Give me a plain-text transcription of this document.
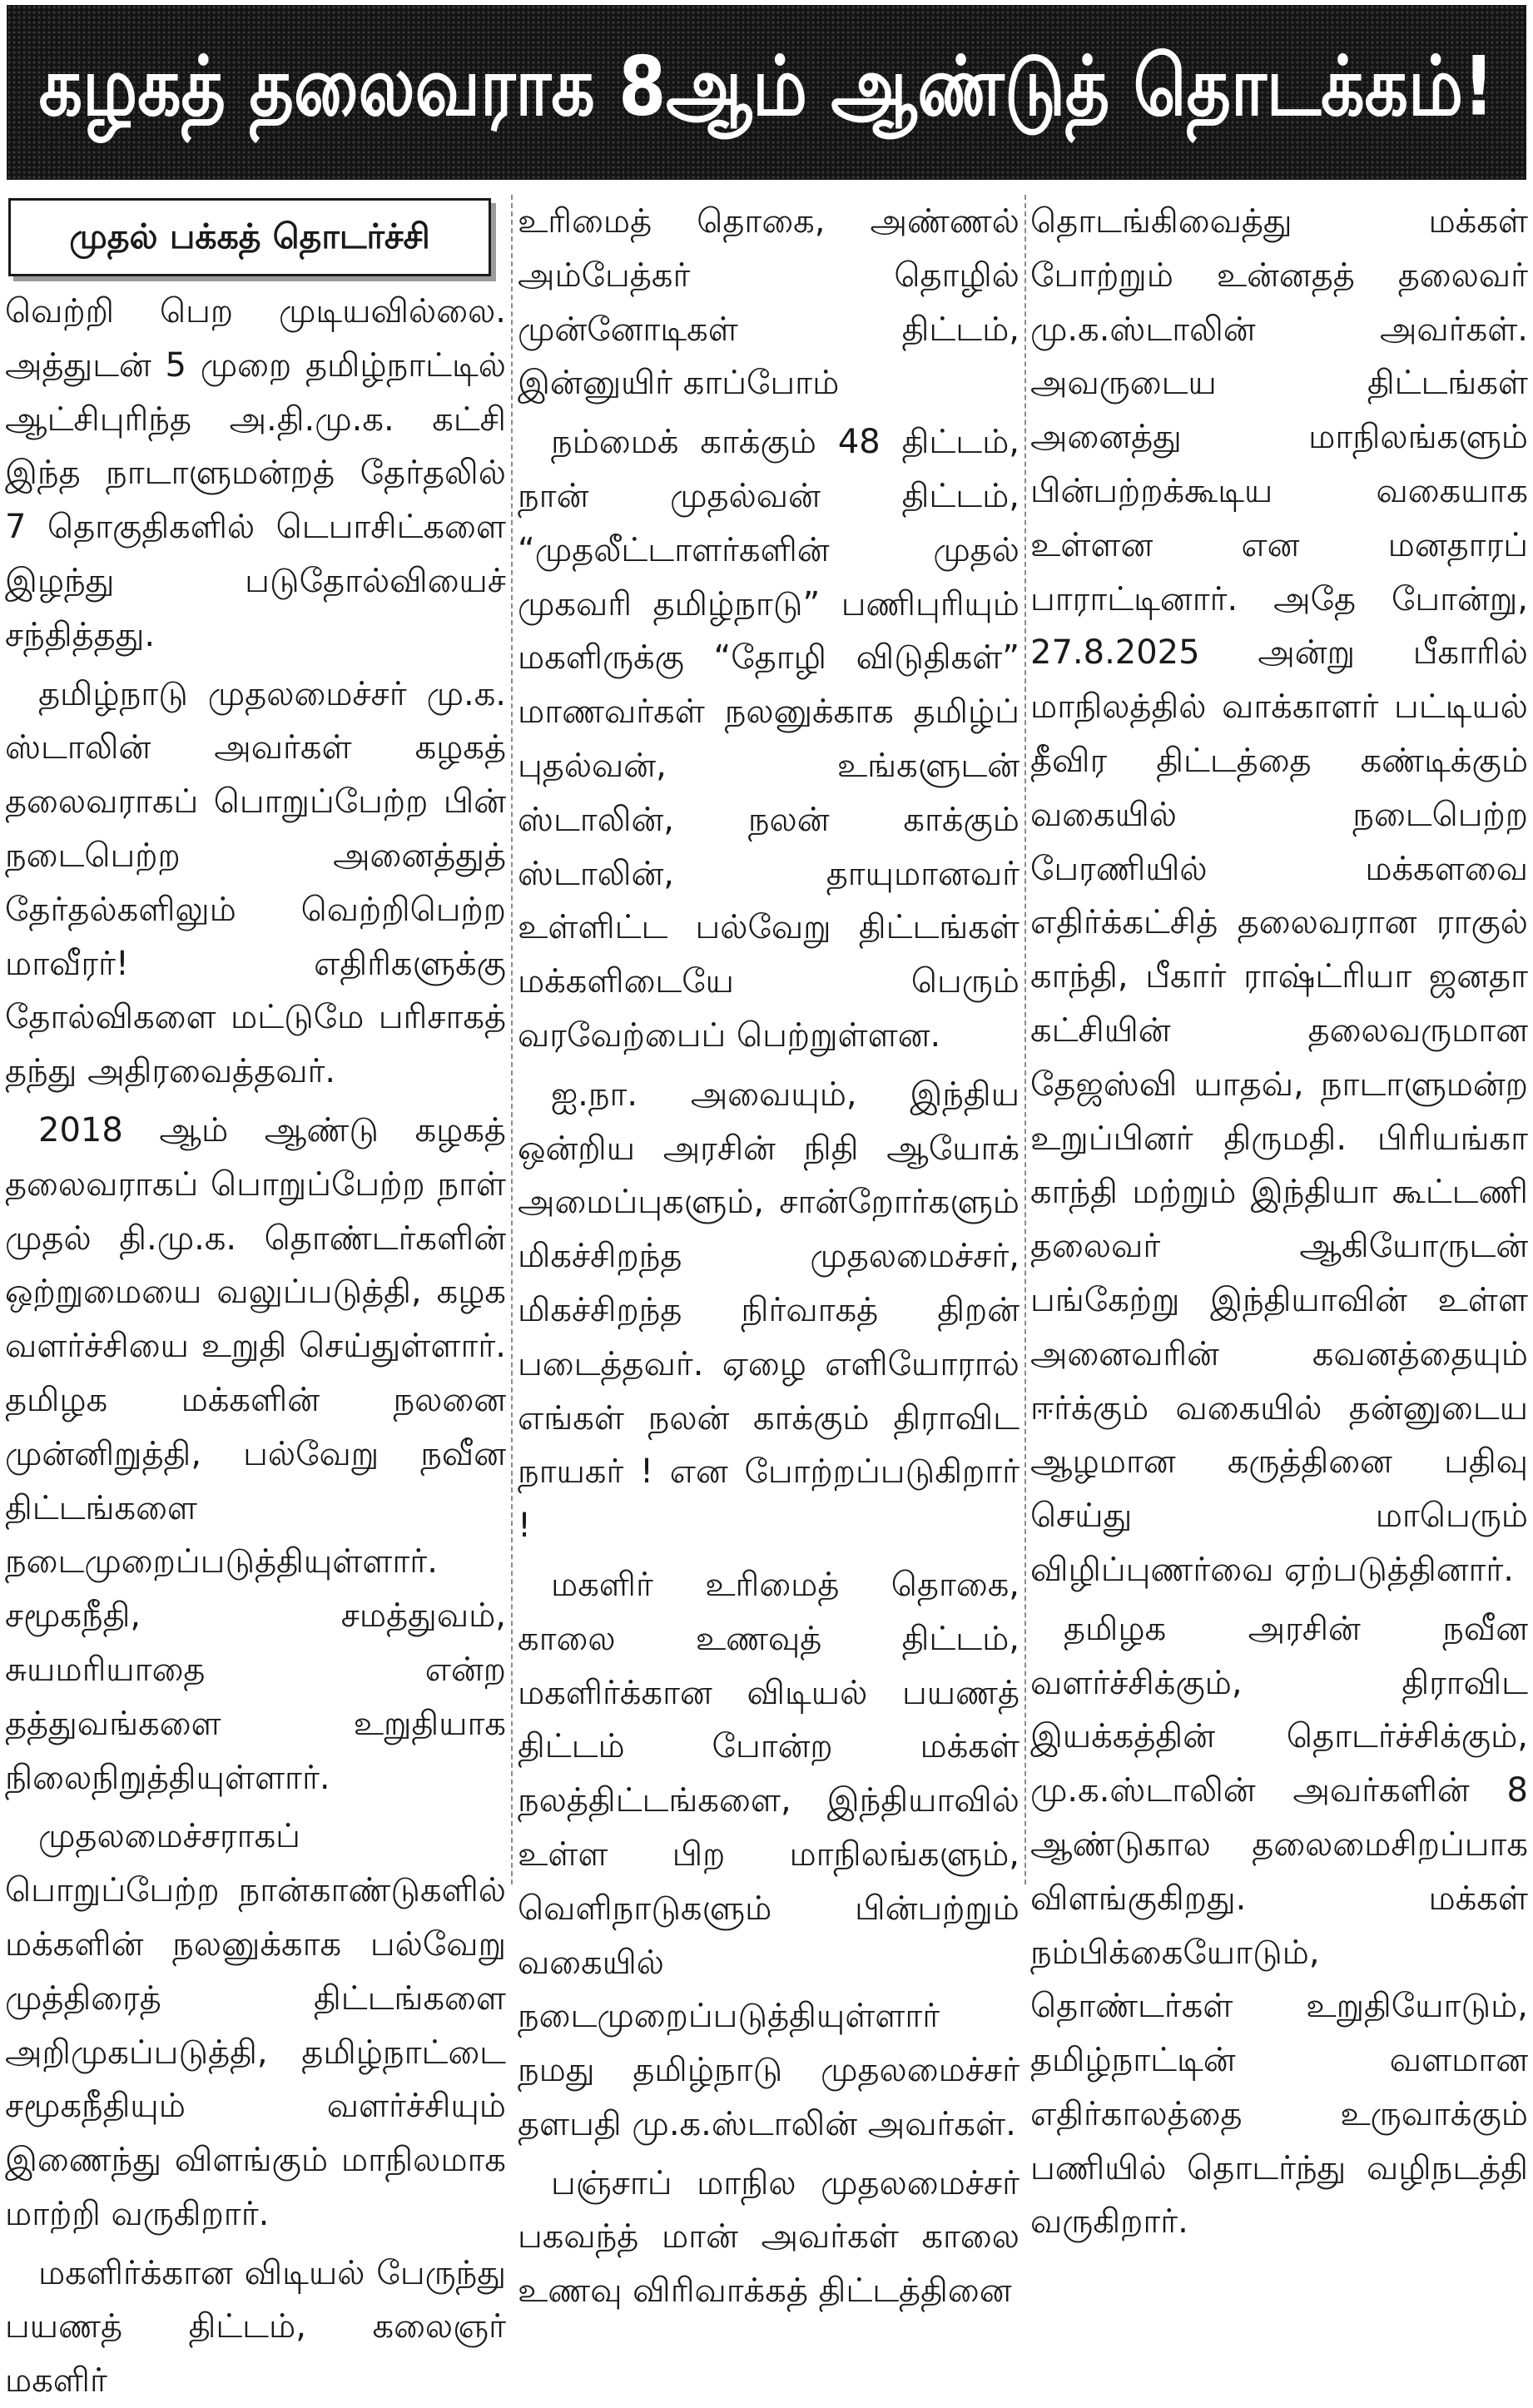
கழகத் தலைவராக 8ஆம் ஆண்டுத் தொடக்கம்!
முதல் பக்கத் தொடர்ச்சி
வெற்றி பெற முடியவில்லை. அத்துடன் 5 முறை தமிழ்நாட்டில் ஆட்சிபுரிந்த அ.தி.மு.க. கட்சி இந்த நாடாளுமன்றத் தேர்தலில் 7 தொகுதிகளில் டெபாசிட்களை இழந்து படுதோல்வியைச் சந்தித்தது.
தமிழ்நாடு முதலமைச்சர் மு.க. ஸ்டாலின் அவர்கள் கழகத் தலைவராகப் பொறுப்பேற்ற பின் நடைபெற்ற அனைத்துத் தேர்தல்களிலும் வெற்றிபெற்ற மாவீரர்! எதிரிகளுக்கு தோல்விகளை மட்டுமே பரிசாகத் தந்து அதிரவைத்தவர்.
2018 ஆம் ஆண்டு கழகத் தலைவராகப் பொறுப்பேற்ற நாள் முதல் தி.மு.க. தொண்டர்களின் ஒற்றுமையை வலுப்படுத்தி, கழக வளர்ச்சியை உறுதி செய்துள்ளார். தமிழக மக்களின் நலனை முன்னிறுத்தி, பல்வேறு நவீன திட்டங்களை நடைமுறைப்படுத்தியுள்ளார். சமூகநீதி, சமத்துவம், சுயமரியாதை என்ற தத்துவங்களை உறுதியாக நிலைநிறுத்தியுள்ளார்.
முதலமைச்சராகப் பொறுப்பேற்ற நான்காண்டுகளில் மக்களின் நலனுக்காக பல்வேறு முத்திரைத் திட்டங்களை அறிமுகப்படுத்தி, தமிழ்நாட்டை சமூகநீதியும் வளர்ச்சியும் இணைந்து விளங்கும் மாநிலமாக மாற்றி வருகிறார்.
மகளிர்க்கான விடியல் பேருந்து பயணத் திட்டம், கலைஞர் மகளிர்
உரிமைத் தொகை, அண்ணல் அம்பேத்கர் தொழில் முன்னோடிகள் திட்டம், இன்னுயிர் காப்போம்
நம்மைக் காக்கும் 48 திட்டம், நான் முதல்வன் திட்டம், “முதலீட்டாளர்களின் முதல் முகவரி தமிழ்நாடு” பணிபுரியும் மகளிருக்கு “தோழி விடுதிகள்” மாணவர்கள் நலனுக்காக தமிழ்ப் புதல்வன், உங்களுடன் ஸ்டாலின், நலன் காக்கும் ஸ்டாலின், தாயுமானவர் உள்ளிட்ட பல்வேறு திட்டங்கள் மக்களிடையே பெரும் வரவேற்பைப் பெற்றுள்ளன.
ஐ.நா. அவையும், இந்திய ஒன்றிய அரசின் நிதி ஆயோக் அமைப்புகளும், சான்றோர்களும் மிகச்சிறந்த முதலமைச்சர், மிகச்சிறந்த நிர்வாகத் திறன் படைத்தவர். ஏழை எளியோரால் எங்கள் நலன் காக்கும் திராவிட நாயகர் ! என போற்றப்படுகிறார் !
மகளிர் உரிமைத் தொகை, காலை உணவுத் திட்டம், மகளிர்க்கான விடியல் பயணத் திட்டம் போன்ற மக்கள் நலத்திட்டங்களை, இந்தியாவில் உள்ள பிற மாநிலங்களும், வெளிநாடுகளும் பின்பற்றும் வகையில் நடைமுறைப்படுத்தியுள்ளார் நமது தமிழ்நாடு முதலமைச்சர் தளபதி மு.க.ஸ்டாலின் அவர்கள்.
பஞ்சாப் மாநில முதலமைச்சர் பகவந்த் மான் அவர்கள் காலை உணவு விரிவாக்கத் திட்டத்தினை
தொடங்கிவைத்து மக்கள் போற்றும் உன்னதத் தலைவர் மு.க.ஸ்டாலின் அவர்கள். அவருடைய திட்டங்கள் அனைத்து மாநிலங்களும் பின்பற்றக்கூடிய வகையாக உள்ளன என மனதாரப் பாராட்டினார். அதே போன்று, 27.8.2025 அன்று பீகாரில் மாநிலத்தில் வாக்காளர் பட்டியல் தீவிர திட்டத்தை கண்டிக்கும் வகையில் நடைபெற்ற பேரணியில் மக்களவை எதிர்க்கட்சித் தலைவரான ராகுல் காந்தி, பீகார் ராஷ்ட்ரியா ஜனதா கட்சியின் தலைவருமான தேஜஸ்வி யாதவ், நாடாளுமன்ற உறுப்பினர் திருமதி. பிரியங்கா காந்தி மற்றும் இந்தியா கூட்டணி தலைவர் ஆகியோருடன் பங்கேற்று இந்தியாவின் உள்ள அனைவரின் கவனத்தையும் ஈர்க்கும் வகையில் தன்னுடைய ஆழமான கருத்தினை பதிவு செய்து மாபெரும் விழிப்புணர்வை ஏற்படுத்தினார்.
தமிழக அரசின் நவீன வளர்ச்சிக்கும், திராவிட இயக்கத்தின் தொடர்ச்சிக்கும், மு.க.ஸ்டாலின் அவர்களின் 8 ஆண்டுகால தலைமைசிறப்பாக விளங்குகிறது. மக்கள் நம்பிக்கையோடும், தொண்டர்கள் உறுதியோடும், தமிழ்நாட்டின் வளமான எதிர்காலத்தை உருவாக்கும் பணியில் தொடர்ந்து வழிநடத்தி வருகிறார்.
